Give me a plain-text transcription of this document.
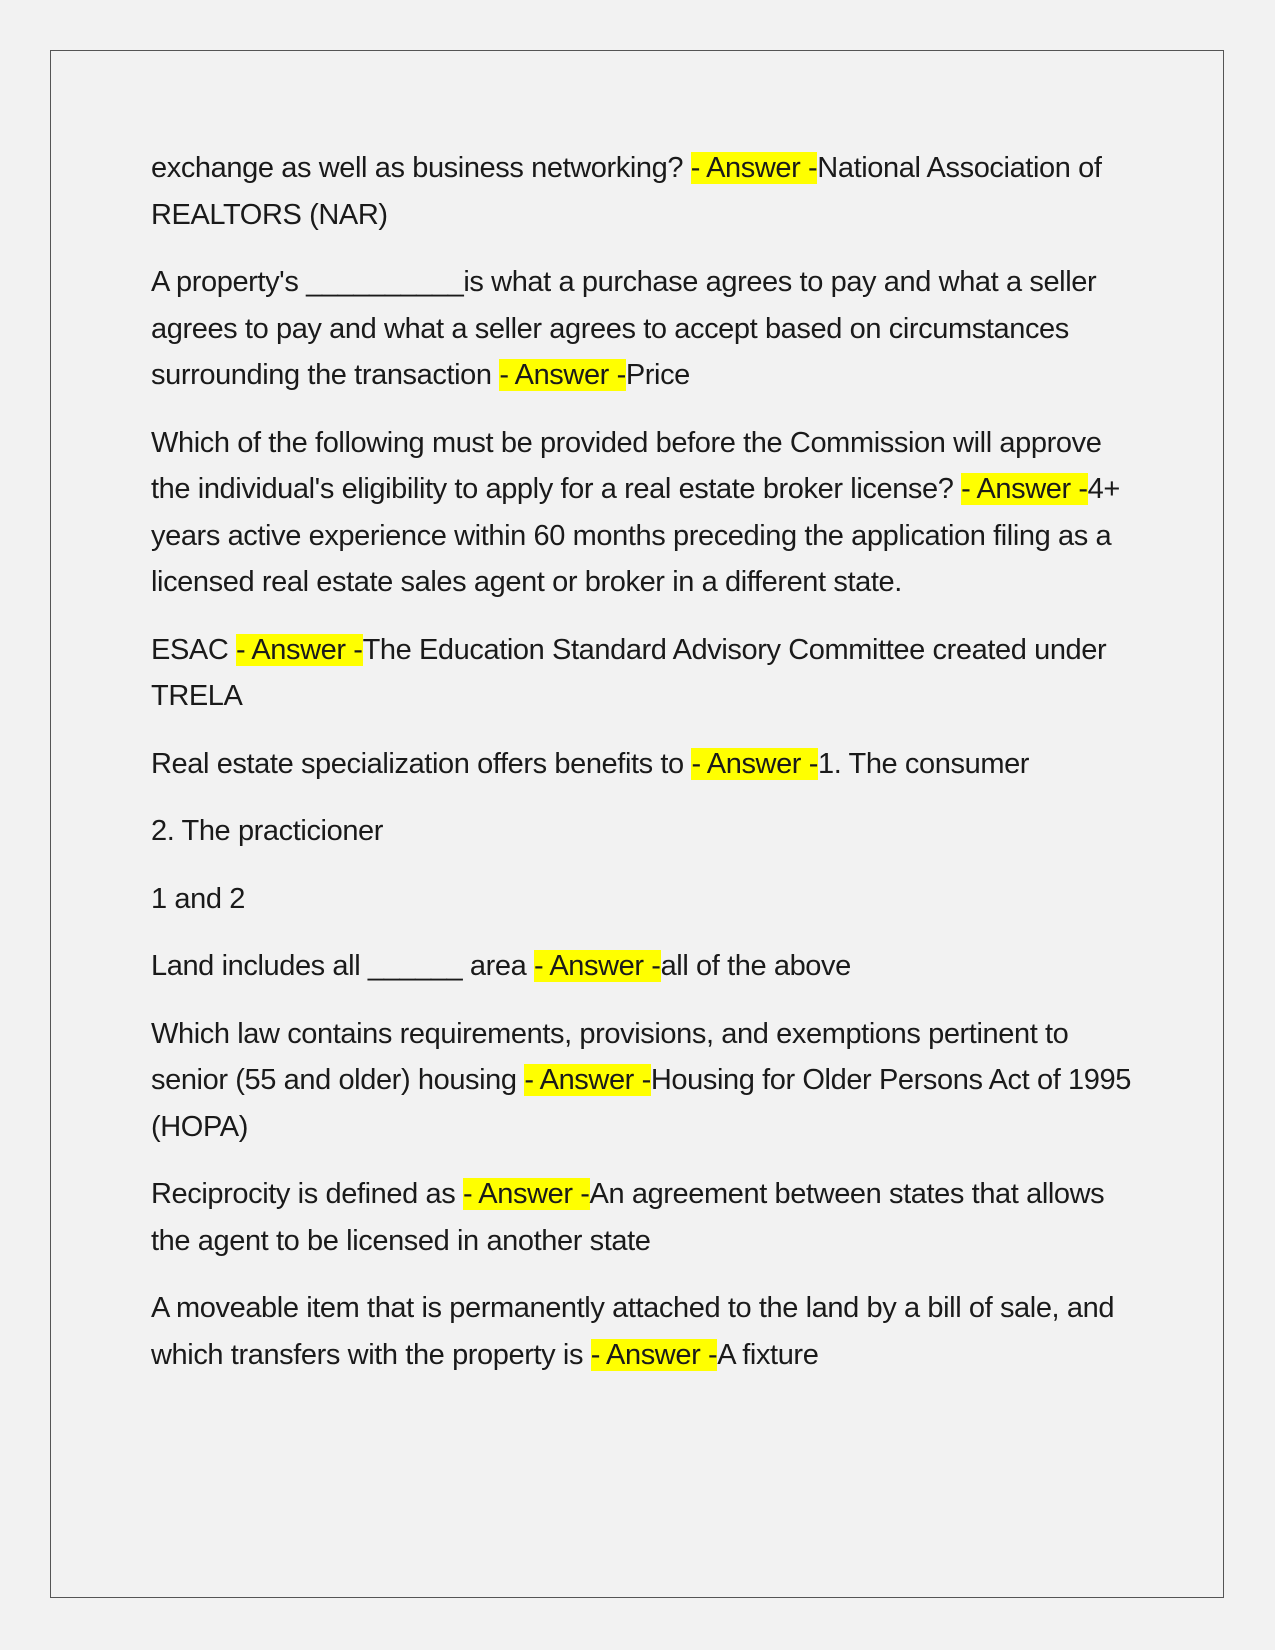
exchange as well as business networking? - Answer -National Association of REALTORS (NAR)

A property's __________is what a purchase agrees to pay and what a seller agrees to pay and what a seller agrees to accept based on circumstances surrounding the transaction - Answer -Price

Which of the following must be provided before the Commission will approve the individual's eligibility to apply for a real estate broker license? - Answer -4+ years active experience within 60 months preceding the application filing as a licensed real estate sales agent or broker in a different state.

ESAC - Answer -The Education Standard Advisory Committee created under TRELA

Real estate specialization offers benefits to - Answer -1. The consumer

2. The practicioner

1 and 2

Land includes all ______ area - Answer -all of the above

Which law contains requirements, provisions, and exemptions pertinent to senior (55 and older) housing - Answer -Housing for Older Persons Act of 1995 (HOPA)

Reciprocity is defined as - Answer -An agreement between states that allows the agent to be licensed in another state

A moveable item that is permanently attached to the land by a bill of sale, and which transfers with the property is - Answer -A fixture
